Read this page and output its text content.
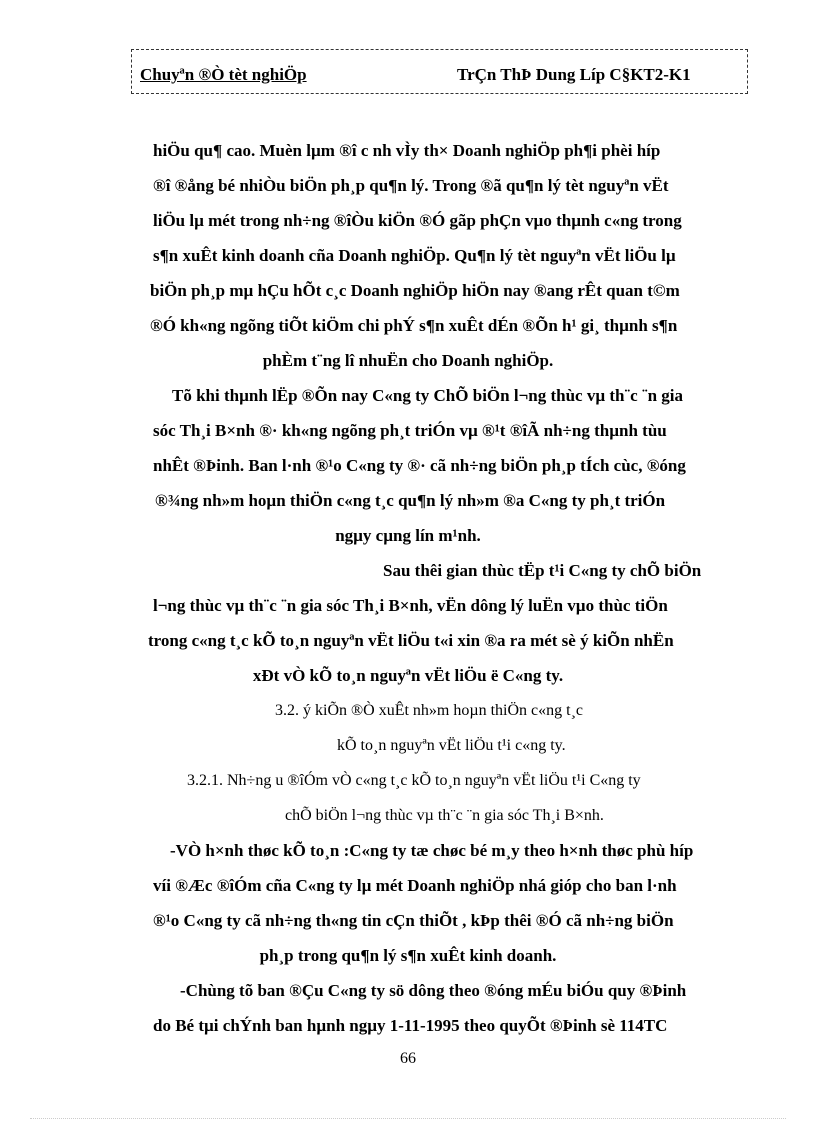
Chuyªn ®Ò tèt nghiÖp	TrÇn ThÞ Dung Líp C§KT2-K1
hiÖu qu¶ cao. Muèn lµm ®î c nh vÌy th× Doanh nghiÖp ph¶i phèi híp
®î ®ång bé nhiÒu biÖn ph¸p qu¶n lý. Trong ®ã qu¶n lý tèt nguyªn vËt
liÖu lµ mét trong nh÷ng ®îÒu kiÖn ®Ó gãp phÇn vµo thµnh c«ng trong
s¶n xuÊt kinh doanh cña Doanh nghiÖp. Qu¶n lý tèt nguyªn vËt liÖu lµ
biÖn ph¸p mµ hÇu hÕt c¸c Doanh nghiÖp hiÖn nay ®ang rÊt quan t©m
®Ó kh«ng ngõng tiÕt kiÖm chi phÝ s¶n xuÊt dÉn ®Õn h¹ gi¸ thµnh s¶n
phÈm t¨ng lî nhuËn cho Doanh nghiÖp.
Tõ khi thµnh lËp ®Õn nay C«ng ty ChÕ biÖn l¬ng thùc vµ th¨c ¨n gia
sóc Th¸i B×nh ®· kh«ng ngõng ph¸t triÓn vµ ®¹t ®îÃ nh÷ng thµnh tùu
nhÊt ®Þinh. Ban l·nh ®¹o C«ng ty ®· cã nh÷ng biÖn ph¸p tÍch cùc, ®óng
®¾ng nh»m hoµn thiÖn c«ng t¸c qu¶n lý nh»m ®a C«ng ty ph¸t triÓn
ngµy cµng lín m¹nh.
Sau thêi gian thùc tËp t¹i C«ng ty chÕ biÖn
l¬ng thùc vµ th¨c ¨n gia sóc Th¸i B×nh, vËn dông lý luËn vµo thùc tiÖn
trong c«ng t¸c kÕ to¸n nguyªn vËt liÖu t«i xin ®a ra mét sè ý kiÕn nhËn
xÐt vÒ kÕ to¸n nguyªn vËt liÖu ë C«ng ty.
3.2. ý kiÕn ®Ò xuÊt nh»m hoµn thiÖn c«ng t¸c
kÕ to¸n nguyªn vËt liÖu t¹i c«ng ty.
3.2.1. Nh÷ng u ®îÓm vÒ c«ng t¸c kÕ to¸n nguyªn vËt liÖu t¹i C«ng ty
chÕ biÖn l¬ng thùc vµ th¨c ¨n gia sóc Th¸i B×nh.
-VÒ h×nh thøc kÕ to¸n :C«ng ty tæ chøc bé m¸y theo h×nh thøc phù híp
víi ®Æc ®îÓm cña C«ng ty lµ mét Doanh nghiÖp nhá gióp cho ban l·nh
®¹o C«ng ty cã nh÷ng th«ng tin cÇn thiÕt , kÞp thêi ®Ó cã nh÷ng biÖn
ph¸p trong qu¶n lý s¶n xuÊt kinh doanh.
-Chùng tõ ban ®Çu C«ng ty sö dông theo ®óng mÉu biÓu quy ®Þinh
do Bé tµi chÝnh ban hµnh ngµy 1-11-1995 theo quyÕt ®Þinh sè 114TC
66
